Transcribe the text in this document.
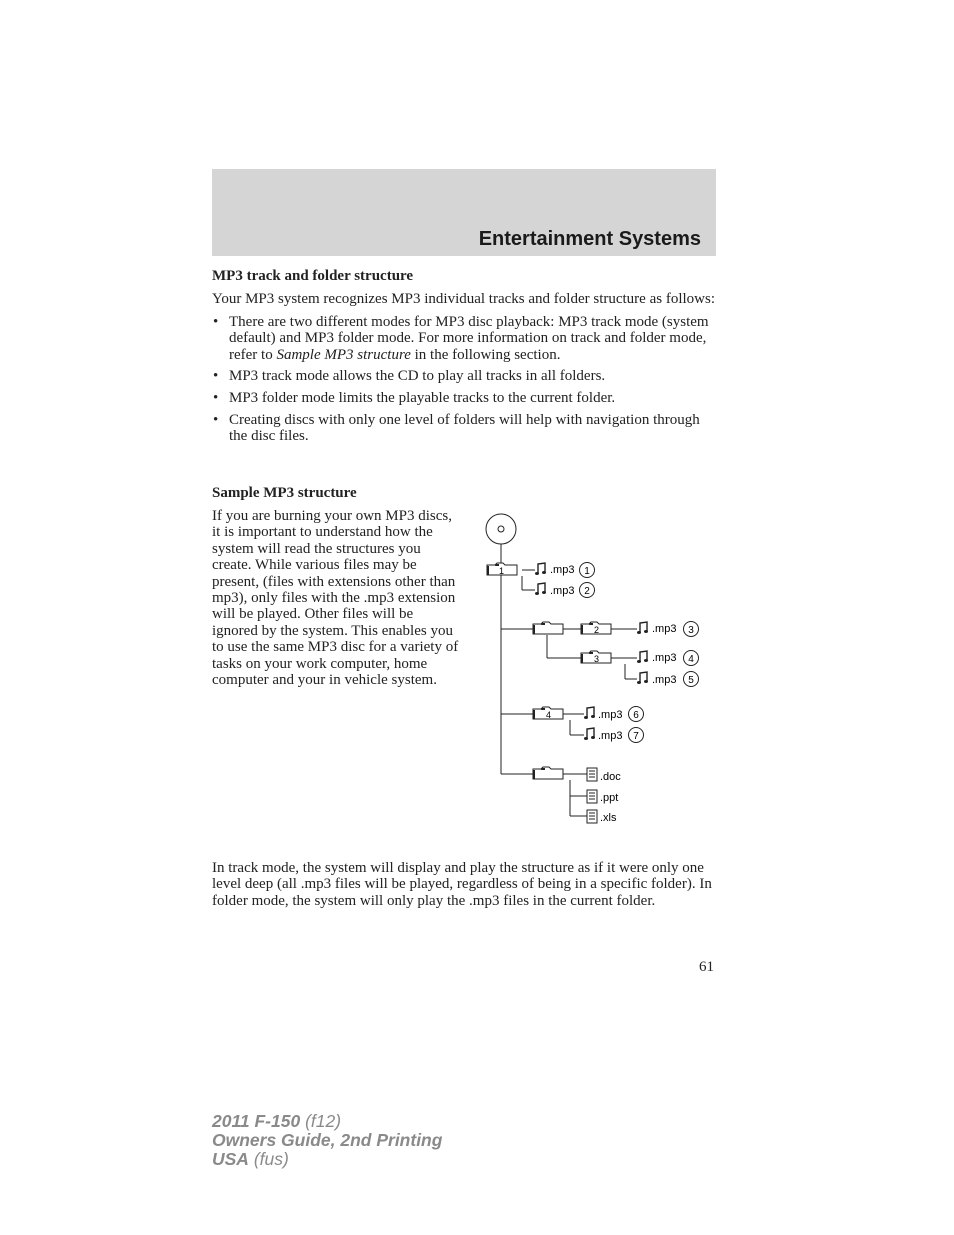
Entertainment Systems
MP3 track and folder structure

Your MP3 system recognizes MP3 individual tracks and folder structure as follows:

• There are two different modes for MP3 disc playback: MP3 track mode (system default) and MP3 folder mode. For more information on track and folder mode, refer to Sample MP3 structure in the following section.
• MP3 track mode allows the CD to play all tracks in all folders.
• MP3 folder mode limits the playable tracks to the current folder.
• Creating discs with only one level of folders will help with navigation through the disc files.
Sample MP3 structure

If you are burning your own MP3 discs, it is important to understand how the system will read the structures you create. While various files may be present, (files with extensions other than mp3), only files with the .mp3 extension will be played. Other files will be ignored by the system. This enables you to use the same MP3 disc for a variety of tasks on your work computer, home computer and your in vehicle system.

1
2
3
4
.mp3 1
.mp3 2
.mp3 3
.mp3 4
.mp3 5
.mp3 6
.mp3 7
.doc
.ppt
.xls

In track mode, the system will display and play the structure as if it were only one level deep (all .mp3 files will be played, regardless of being in a specific folder). In folder mode, the system will only play the .mp3 files in the current folder.

61
2011 F-150 (f12)
Owners Guide, 2nd Printing
USA (fus)
